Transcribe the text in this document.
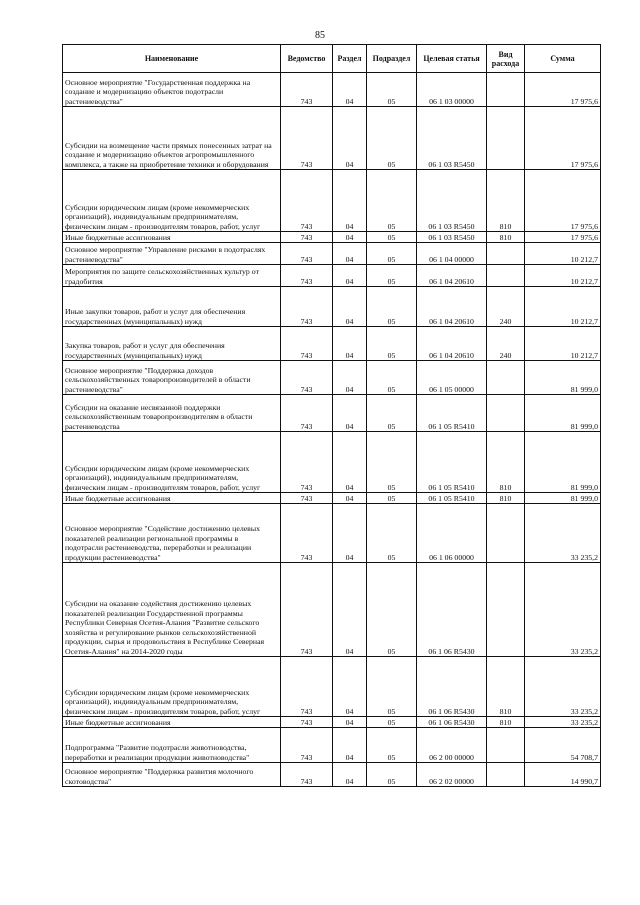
85
Наименование	Ведомство	Раздел	Подраздел	Целевая статья	Вид расхода	Сумма
Основное мероприятие "Государственная поддержка на создание и модернизацию объектов подотрасли растениеводства"	743	04	05	06 1 03 00000		17 975,6
Субсидии на возмещение части прямых понесенных затрат на создание и модернизацию объектов агропромышленного комплекса, а также на приобретение техники и оборудования	743	04	05	06 1 03 R5450		17 975,6
Субсидии юридическим лицам (кроме некоммерческих организаций), индивидуальным предпринимателям, физическим лицам - производителям товаров, работ, услуг	743	04	05	06 1 03 R5450	810	17 975,6
Иные бюджетные ассигнования	743	04	05	06 1 03 R5450	810	17 975,6
Основное мероприятие "Управление рисками в подотраслях растениеводства"	743	04	05	06 1 04 00000		10 212,7
Мероприятия по защите сельскохозяйственных культур от градобития	743	04	05	06 1 04 20610		10 212,7
Иные закупки товаров, работ и услуг для обеспечения государственных (муниципальных) нужд	743	04	05	06 1 04 20610	240	10 212,7
Закупка товаров, работ и услуг для обеспечения государственных (муниципальных) нужд	743	04	05	06 1 04 20610	240	10 212,7
Основное мероприятие "Поддержка доходов сельскохозяйственных товаропроизводителей в области растениеводства"	743	04	05	06 1 05 00000		81 999,0
Субсидии на оказание несвязанной поддержки сельскохозяйственным товаропроизводителям в области растениеводства	743	04	05	06 1 05 R5410		81 999,0
Субсидии юридическим лицам (кроме некоммерческих организаций), индивидуальным предпринимателям, физическим лицам - производителям товаров, работ, услуг	743	04	05	06 1 05 R5410	810	81 999,0
Иные бюджетные ассигнования	743	04	05	06 1 05 R5410	810	81 999,0
Основное мероприятие "Содействие достижению целевых показателей реализации региональной программы в подотрасли растениеводства, переработки и реализации продукции растениеводства"	743	04	05	06 1 06 00000		33 235,2
Субсидии на оказание содействия достижению целевых показателей реализации Государственной программы Республики Северная Осетия-Алания "Развитие сельского хозяйства и регулирование рынков сельскохозяйственной продукции, сырья и продовольствия в Республике Северная Осетия-Алания" на 2014-2020 годы	743	04	05	06 1 06 R5430		33 235,2
Субсидии юридическим лицам (кроме некоммерческих организаций), индивидуальным предпринимателям, физическим лицам - производителям товаров, работ, услуг	743	04	05	06 1 06 R5430	810	33 235,2
Иные бюджетные ассигнования	743	04	05	06 1 06 R5430	810	33 235,2
Подпрограмма "Развитие подотрасли животноводства, переработки и реализации продукции животноводства"	743	04	05	06 2 00 00000		54 708,7
Основное мероприятие "Поддержка развития молочного скотоводства"	743	04	05	06 2 02 00000		14 990,7
